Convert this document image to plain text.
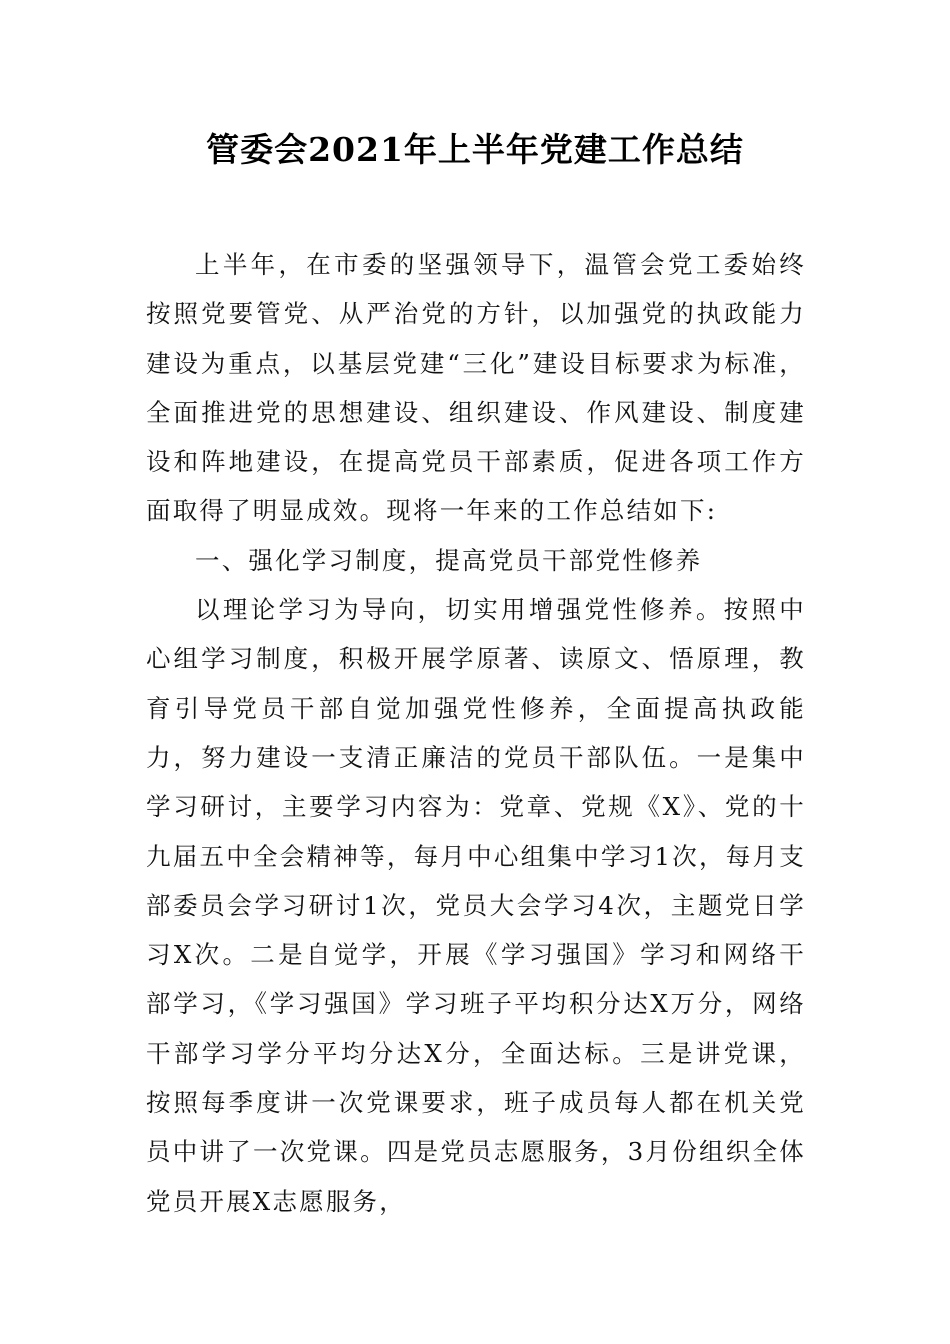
管委会2021年上半年党建工作总结

上半年，在市委的坚强领导下，温管会党工委始终按照党要管党、从严治党的方针，以加强党的执政能力建设为重点，以基层党建“三化”建设目标要求为标准，全面推进党的思想建设、组织建设、作风建设、制度建设和阵地建设，在提高党员干部素质，促进各项工作方面取得了明显成效。现将一年来的工作总结如下:

一、强化学习制度，提高党员干部党性修养

以理论学习为导向，切实用增强党性修养。按照中心组学习制度，积极开展学原著、读原文、悟原理，教育引导党员干部自觉加强党性修养，全面提高执政能力，努力建设一支清正廉洁的党员干部队伍。一是集中学习研讨，主要学习内容为：党章、党规《X》、党的十九届五中全会精神等，每月中心组集中学习1次，每月支部委员会学习研讨1次，党员大会学习4次，主题党日学习X次。二是自觉学，开展《学习强国》学习和网络干部学习，《学习强国》学习班子平均积分达X万分，网络干部学习学分平均分达X分，全面达标。三是讲党课，按照每季度讲一次党课要求，班子成员每人都在机关党员中讲了一次党课。四是党员志愿服务，3月份组织全体党员开展X志愿服务，
